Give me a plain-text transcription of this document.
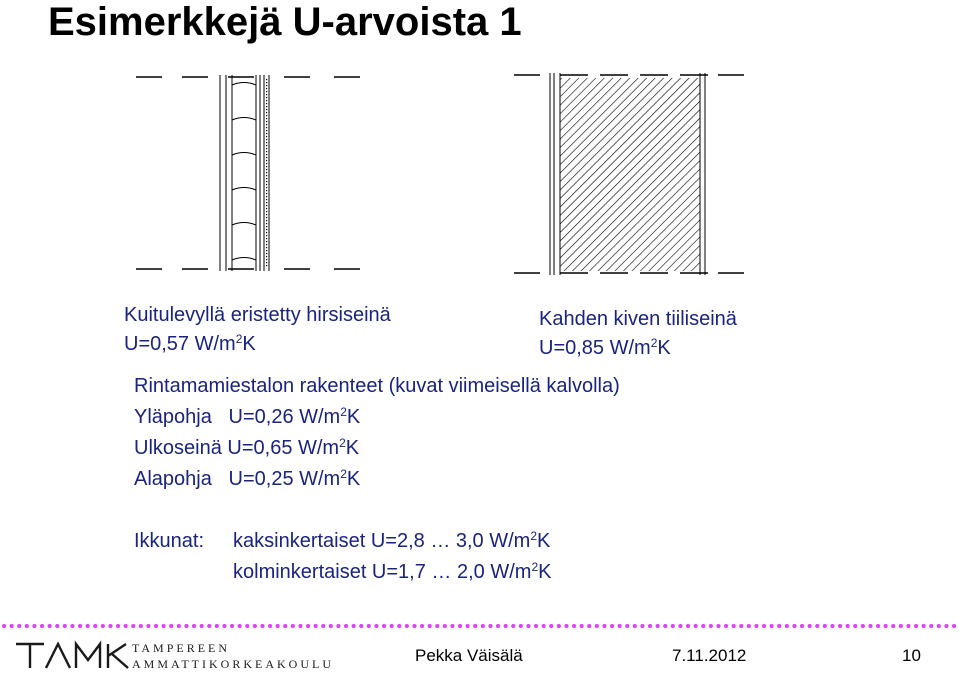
Esimerkkejä U-arvoista 1
Kuitulevyllä eristetty hirsiseinä
U=0,57 $W/m^2K$
Kahden kiven tiiliseinä
U=0,85 $W/m^2K$
Rintamamiestalon rakenteet (kuvat viimeisellä kalvolla)
Yläpohja   U=0,26 $W/m^2K$
Ulkoseinä U=0,65 $W/m^2K$
Alapohja   U=0,25 $W/m^2K$
Ikkunat: kaksinkertaiset U=2,8 … 3,0 $W/m^2K$
kolminkertaiset U=1,7 … 2,0 $W/m^2K$
TAMPEREEN
AMMATTIKORKEAKOULU	Pekka Väisälä	7.11.2012	10
